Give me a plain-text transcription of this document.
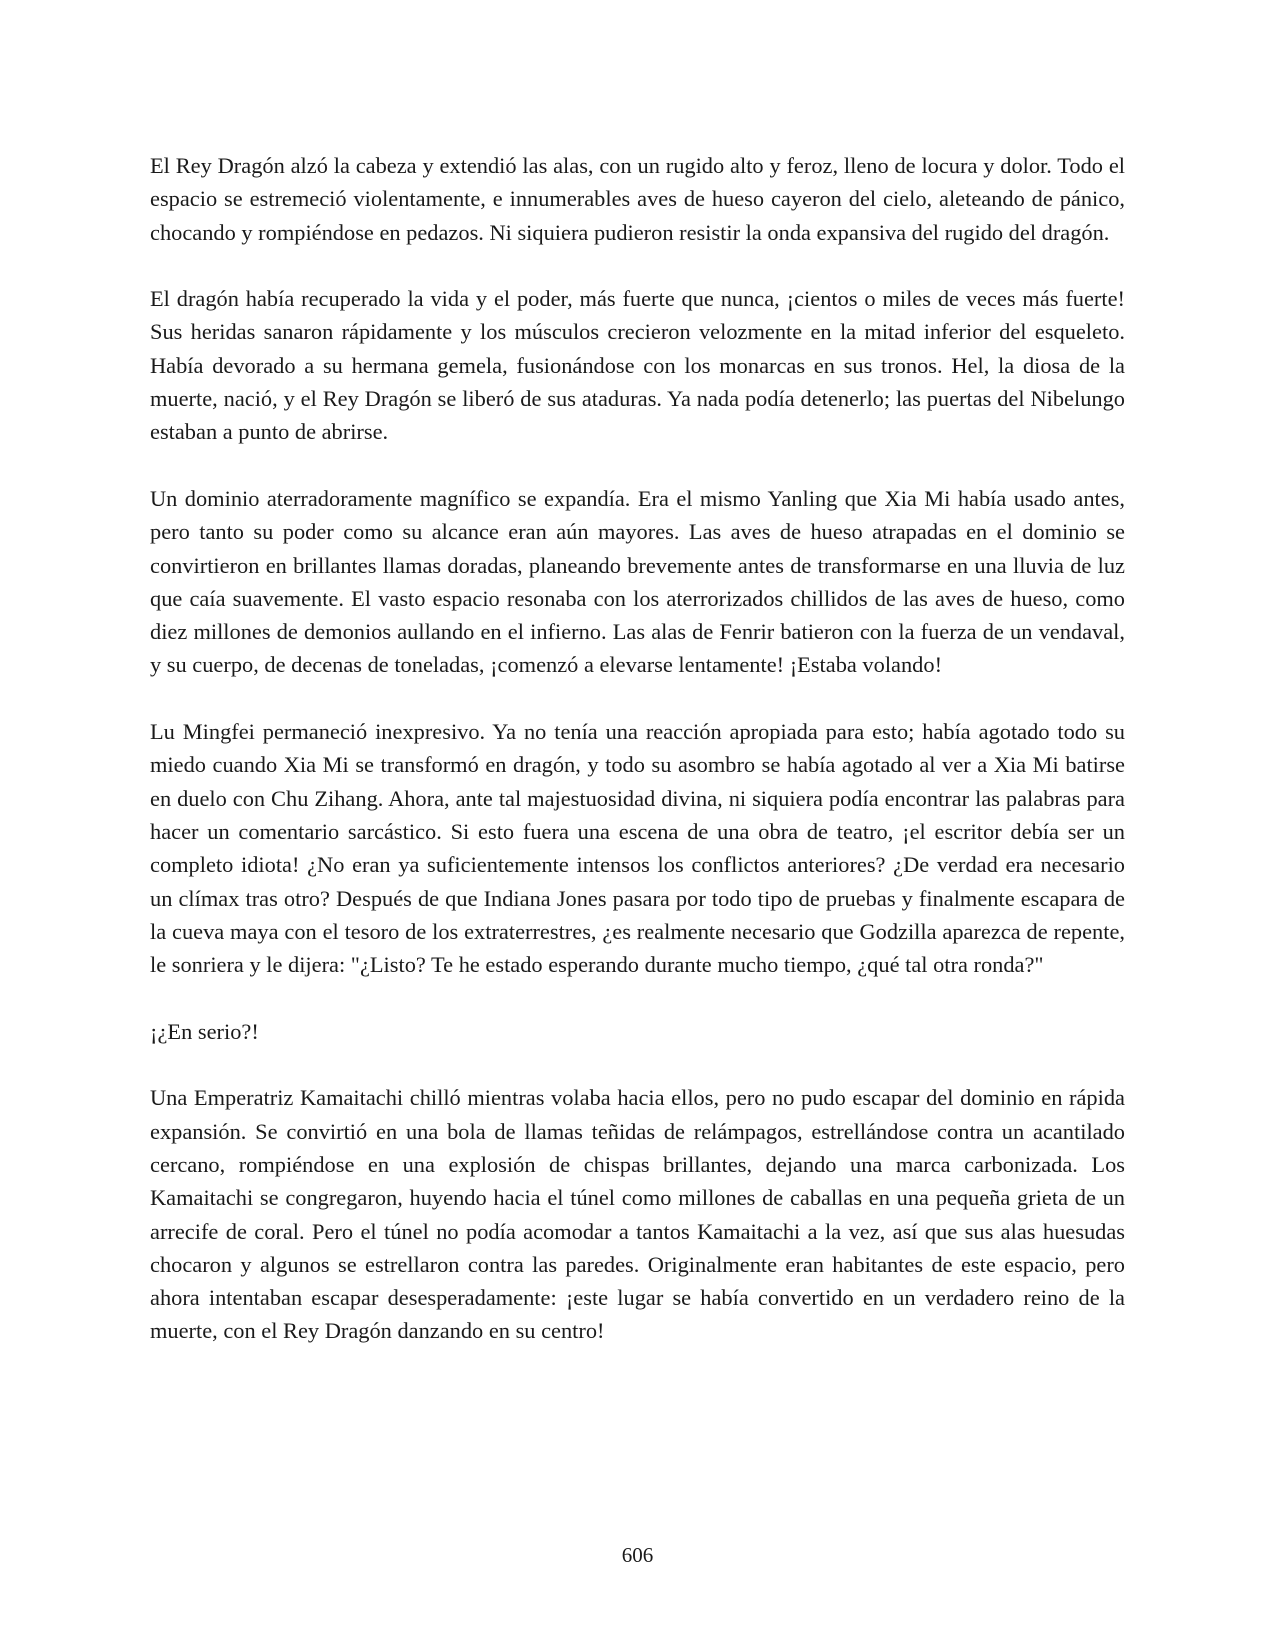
El Rey Dragón alzó la cabeza y extendió las alas, con un rugido alto y feroz, lleno de locura y dolor. Todo el espacio se estremeció violentamente, e innumerables aves de hueso cayeron del cielo, aleteando de pánico, chocando y rompiéndose en pedazos. Ni siquiera pudieron resistir la onda expansiva del rugido del dragón.

El dragón había recuperado la vida y el poder, más fuerte que nunca, ¡cientos o miles de veces más fuerte! Sus heridas sanaron rápidamente y los músculos crecieron velozmente en la mitad inferior del esqueleto. Había devorado a su hermana gemela, fusionándose con los monarcas en sus tronos. Hel, la diosa de la muerte, nació, y el Rey Dragón se liberó de sus ataduras. Ya nada podía detenerlo; las puertas del Nibelungo estaban a punto de abrirse.

Un dominio aterradoramente magnífico se expandía. Era el mismo Yanling que Xia Mi había usado antes, pero tanto su poder como su alcance eran aún mayores. Las aves de hueso atrapadas en el dominio se convirtieron en brillantes llamas doradas, planeando brevemente antes de transformarse en una lluvia de luz que caía suavemente. El vasto espacio resonaba con los aterrorizados chillidos de las aves de hueso, como diez millones de demonios aullando en el infierno. Las alas de Fenrir batieron con la fuerza de un vendaval, y su cuerpo, de decenas de toneladas, ¡comenzó a elevarse lentamente! ¡Estaba volando!

Lu Mingfei permaneció inexpresivo. Ya no tenía una reacción apropiada para esto; había agotado todo su miedo cuando Xia Mi se transformó en dragón, y todo su asombro se había agotado al ver a Xia Mi batirse en duelo con Chu Zihang. Ahora, ante tal majestuosidad divina, ni siquiera podía encontrar las palabras para hacer un comentario sarcástico. Si esto fuera una escena de una obra de teatro, ¡el escritor debía ser un completo idiota! ¿No eran ya suficientemente intensos los conflictos anteriores? ¿De verdad era necesario un clímax tras otro? Después de que Indiana Jones pasara por todo tipo de pruebas y finalmente escapara de la cueva maya con el tesoro de los extraterrestres, ¿es realmente necesario que Godzilla aparezca de repente, le sonriera y le dijera: "¿Listo? Te he estado esperando durante mucho tiempo, ¿qué tal otra ronda?"

¡¿En serio?!

Una Emperatriz Kamaitachi chilló mientras volaba hacia ellos, pero no pudo escapar del dominio en rápida expansión. Se convirtió en una bola de llamas teñidas de relámpagos, estrellándose contra un acantilado cercano, rompiéndose en una explosión de chispas brillantes, dejando una marca carbonizada. Los Kamaitachi se congregaron, huyendo hacia el túnel como millones de caballas en una pequeña grieta de un arrecife de coral. Pero el túnel no podía acomodar a tantos Kamaitachi a la vez, así que sus alas huesudas chocaron y algunos se estrellaron contra las paredes. Originalmente eran habitantes de este espacio, pero ahora intentaban escapar desesperadamente: ¡este lugar se había convertido en un verdadero reino de la muerte, con el Rey Dragón danzando en su centro!

606
